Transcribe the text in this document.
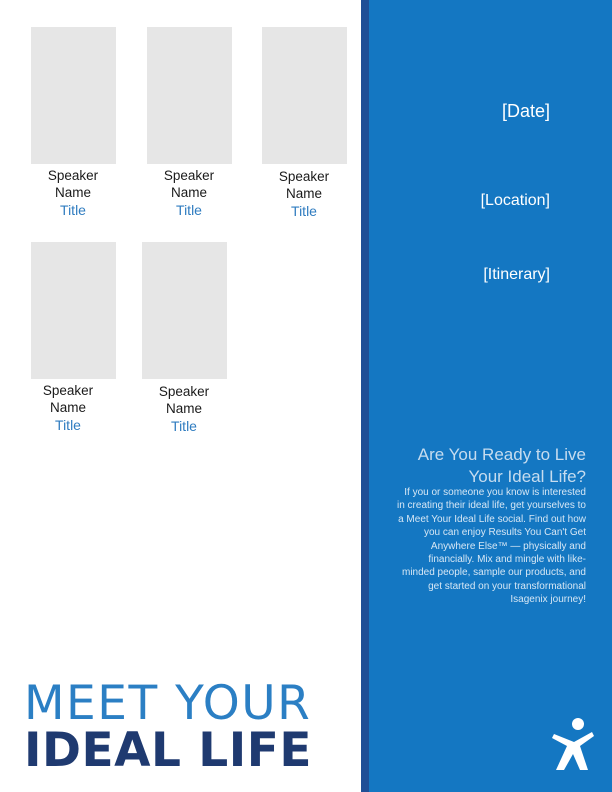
Speaker
Name
Title
Speaker
Name
Title
Speaker
Name
Title
Speaker
Name
Title
Speaker
Name
Title
[Date]
[Location]
[Itinerary]
Are You Ready to Live
Your Ideal Life?
If you or someone you know is interested in creating their ideal life, get yourselves to a Meet Your Ideal Life social. Find out how you can enjoy Results You Can't Get Anywhere Else™ — physically and financially. Mix and mingle with like-minded people, sample our products, and get started on your transformational Isagenix journey!
MEET YOUR
IDEAL LIFE
